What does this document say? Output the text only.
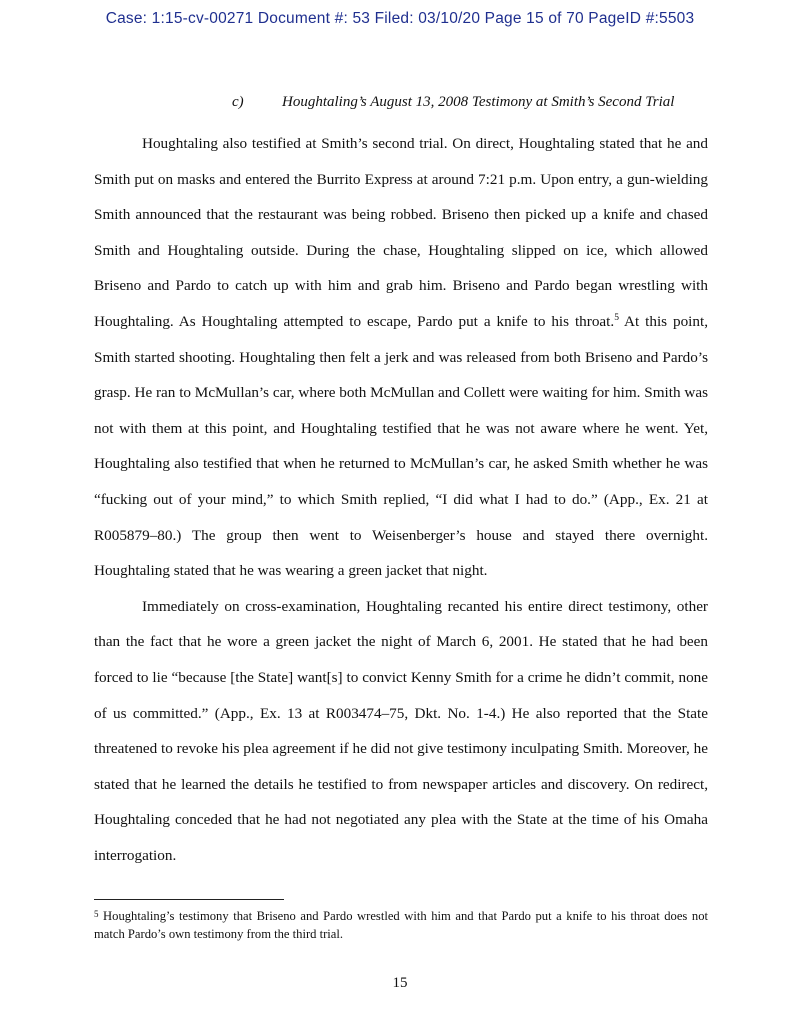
Case: 1:15-cv-00271 Document #: 53 Filed: 03/10/20 Page 15 of 70 PageID #:5503
c)	Houghtaling’s August 13, 2008 Testimony at Smith’s Second Trial

Houghtaling also testified at Smith’s second trial. On direct, Houghtaling stated that he and Smith put on masks and entered the Burrito Express at around 7:21 p.m. Upon entry, a gun-wielding Smith announced that the restaurant was being robbed. Briseno then picked up a knife and chased Smith and Houghtaling outside. During the chase, Houghtaling slipped on ice, which allowed Briseno and Pardo to catch up with him and grab him. Briseno and Pardo began wrestling with Houghtaling. As Houghtaling attempted to escape, Pardo put a knife to his throat.$^5$ At this point, Smith started shooting. Houghtaling then felt a jerk and was released from both Briseno and Pardo’s grasp. He ran to McMullan’s car, where both McMullan and Collett were waiting for him. Smith was not with them at this point, and Houghtaling testified that he was not aware where he went. Yet, Houghtaling also testified that when he returned to McMullan’s car, he asked Smith whether he was “fucking out of your mind,” to which Smith replied, “I did what I had to do.” (App., Ex. 21 at R005879–80.) The group then went to Weisenberger’s house and stayed there overnight. Houghtaling stated that he was wearing a green jacket that night.

Immediately on cross-examination, Houghtaling recanted his entire direct testimony, other than the fact that he wore a green jacket the night of March 6, 2001. He stated that he had been forced to lie “because [the State] want[s] to convict Kenny Smith for a crime he didn’t commit, none of us committed.” (App., Ex. 13 at R003474–75, Dkt. No. 1-4.) He also reported that the State threatened to revoke his plea agreement if he did not give testimony inculpating Smith. Moreover, he stated that he learned the details he testified to from newspaper articles and discovery. On redirect, Houghtaling conceded that he had not negotiated any plea with the State at the time of his Omaha interrogation.

$^5$ Houghtaling’s testimony that Briseno and Pardo wrestled with him and that Pardo put a knife to his throat does not match Pardo’s own testimony from the third trial.
15
